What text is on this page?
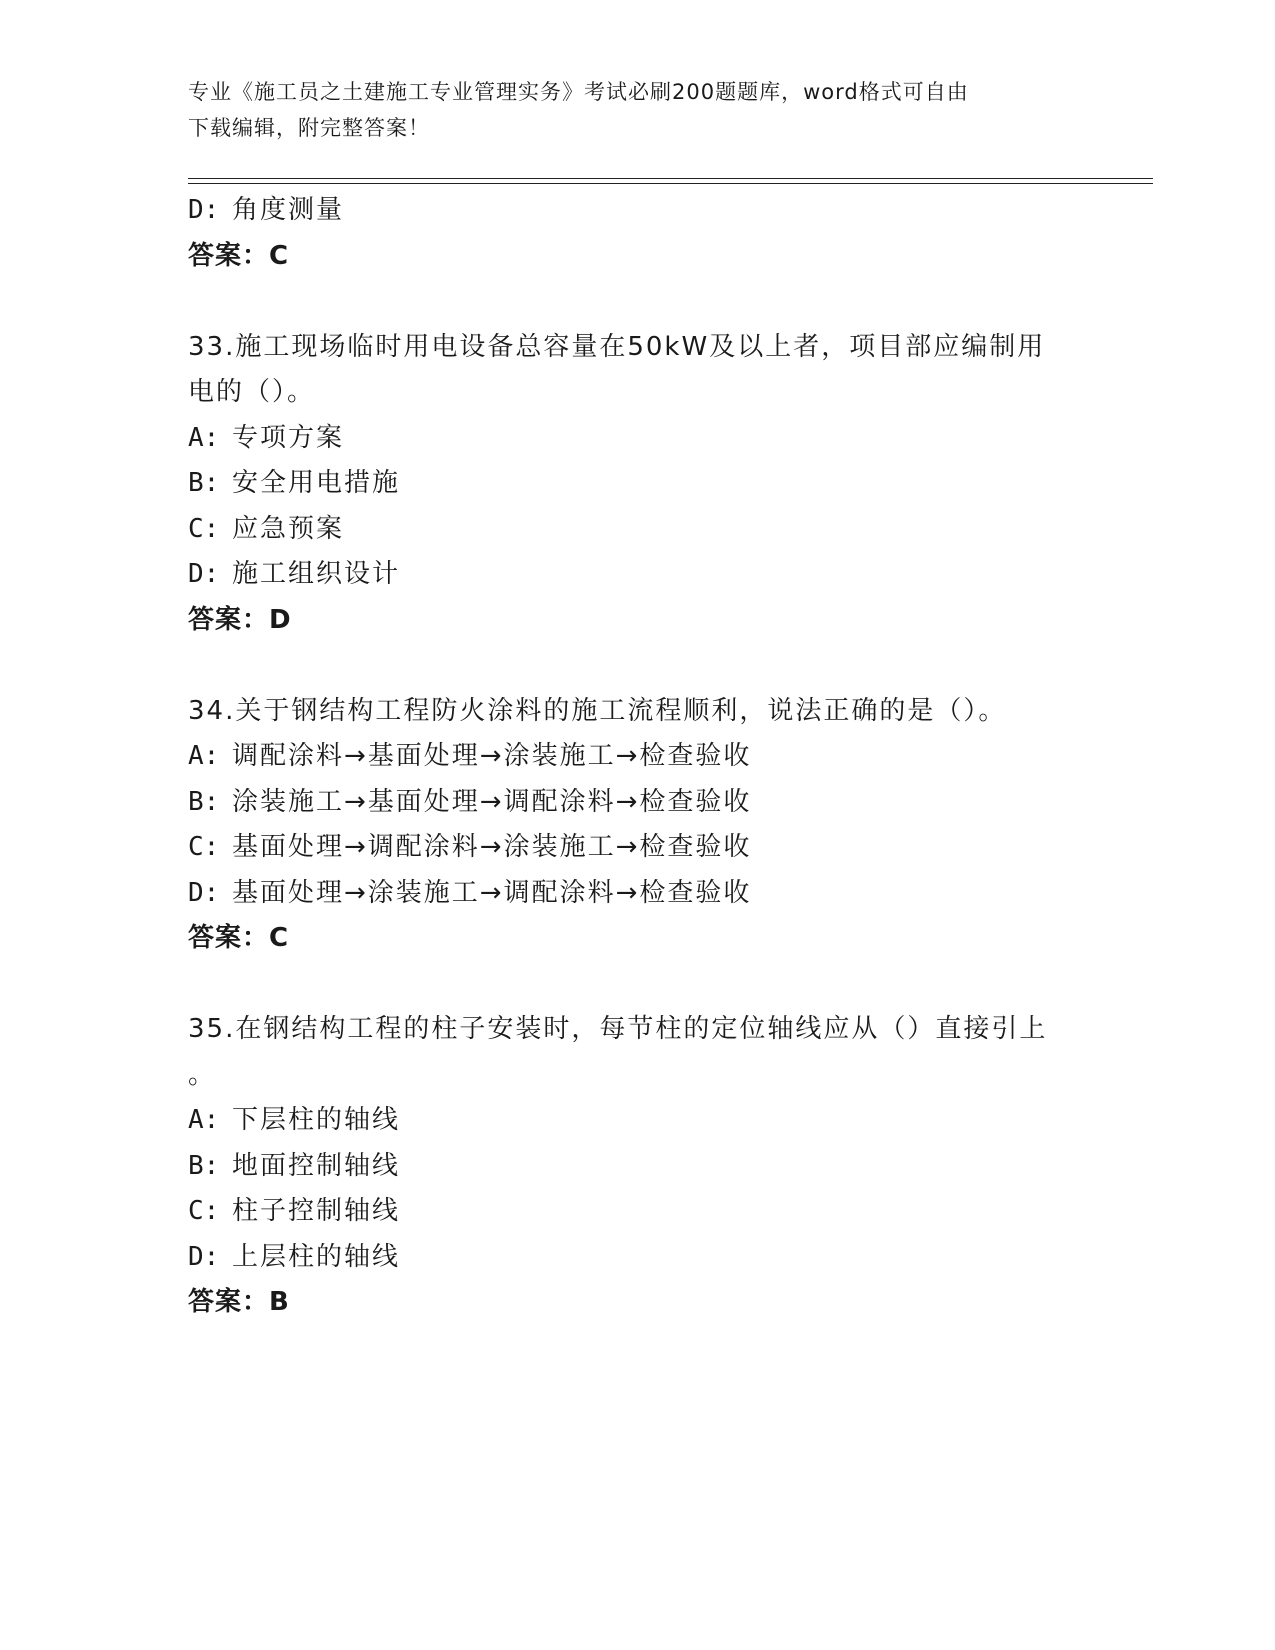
专业《施工员之土建施工专业管理实务》考试必刷200题题库，word格式可自由
下载编辑，附完整答案！
D: 角度测量
答案：C
33.施工现场临时用电设备总容量在50kW及以上者，项目部应编制用
电的（）。
A: 专项方案
B: 安全用电措施
C: 应急预案
D: 施工组织设计
答案：D
34.关于钢结构工程防火涂料的施工流程顺利，说法正确的是（）。
A: 调配涂料→基面处理→涂装施工→检查验收
B: 涂装施工→基面处理→调配涂料→检查验收
C: 基面处理→调配涂料→涂装施工→检查验收
D: 基面处理→涂装施工→调配涂料→检查验收
答案：C
35.在钢结构工程的柱子安装时，每节柱的定位轴线应从（）直接引上
。
A: 下层柱的轴线
B: 地面控制轴线
C: 柱子控制轴线
D: 上层柱的轴线
答案：B
